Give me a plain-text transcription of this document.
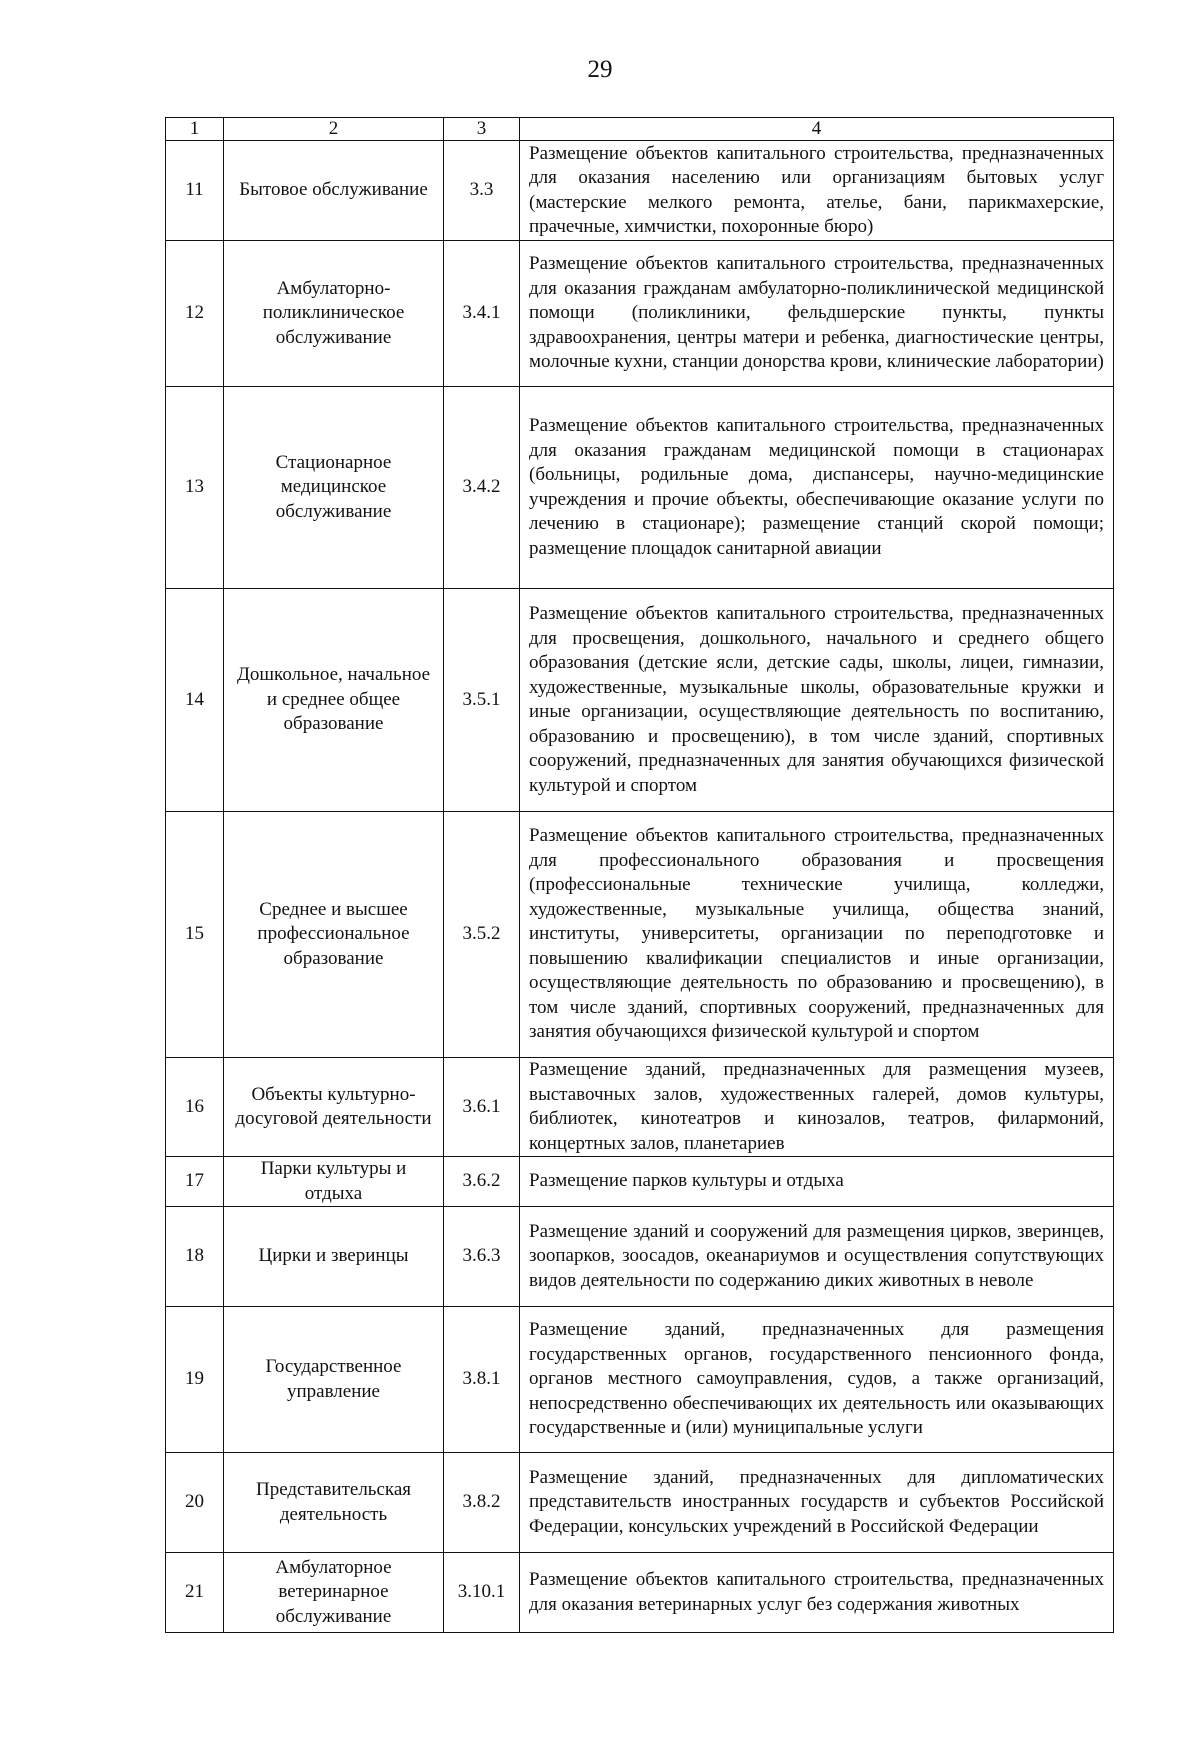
29
1	2	3	4
11	Бытовое обслуживание	3.3	Размещение объектов капитального строительства, предназначенных для оказания населению или организациям бытовых услуг (мастерские мелкого ремонта, ателье, бани, парикмахерские, прачечные, химчистки, похоронные бюро)
12	Амбулаторно-поликлиническое обслуживание	3.4.1	Размещение объектов капитального строительства, предназначенных для оказания гражданам амбулаторно-поликлинической медицинской помощи (поликлиники, фельдшерские пункты, пункты здравоохранения, центры матери и ребенка, диагностические центры, молочные кухни, станции донорства крови, клинические лаборатории)
13	Стационарное медицинское обслуживание	3.4.2	Размещение объектов капитального строительства, предназначенных для оказания гражданам медицинской помощи в стационарах (больницы, родильные дома, диспансеры, научно-медицинские учреждения и прочие объекты, обеспечивающие оказание услуги по лечению в стационаре); размещение станций скорой помощи; размещение площадок санитарной авиации
14	Дошкольное, начальное и среднее общее образование	3.5.1	Размещение объектов капитального строительства, предназначенных для просвещения, дошкольного, начального и среднего общего образования (детские ясли, детские сады, школы, лицеи, гимназии, художественные, музыкальные школы, образовательные кружки и иные организации, осуществляющие деятельность по воспитанию, образованию и просвещению), в том числе зданий, спортивных сооружений, предназначенных для занятия обучающихся физической культурой и спортом
15	Среднее и высшее профессиональное образование	3.5.2	Размещение объектов капитального строительства, предназначенных для профессионального образования и просвещения (профессиональные технические училища, колледжи, художественные, музыкальные училища, общества знаний, институты, университеты, организации по переподготовке и повышению квалификации специалистов и иные организации, осуществляющие деятельность по образованию и просвещению), в том числе зданий, спортивных сооружений, предназначенных для занятия обучающихся физической культурой и спортом
16	Объекты культурно-досуговой деятельности	3.6.1	Размещение зданий, предназначенных для размещения музеев, выставочных залов, художественных галерей, домов культуры, библиотек, кинотеатров и кинозалов, театров, филармоний, концертных залов, планетариев
17	Парки культуры и отдыха	3.6.2	Размещение парков культуры и отдыха
18	Цирки и зверинцы	3.6.3	Размещение зданий и сооружений для размещения цирков, зверинцев, зоопарков, зоосадов, океанариумов и осуществления сопутствующих видов деятельности по содержанию диких животных в неволе
19	Государственное управление	3.8.1	Размещение зданий, предназначенных для размещения государственных органов, государственного пенсионного фонда, органов местного самоуправления, судов, а также организаций, непосредственно обеспечивающих их деятельность или оказывающих государственные и (или) муниципальные услуги
20	Представительская деятельность	3.8.2	Размещение зданий, предназначенных для дипломатических представительств иностранных государств и субъектов Российской Федерации, консульских учреждений в Российской Федерации
21	Амбулаторное ветеринарное обслуживание	3.10.1	Размещение объектов капитального строительства, предназначенных для оказания ветеринарных услуг без содержания животных
